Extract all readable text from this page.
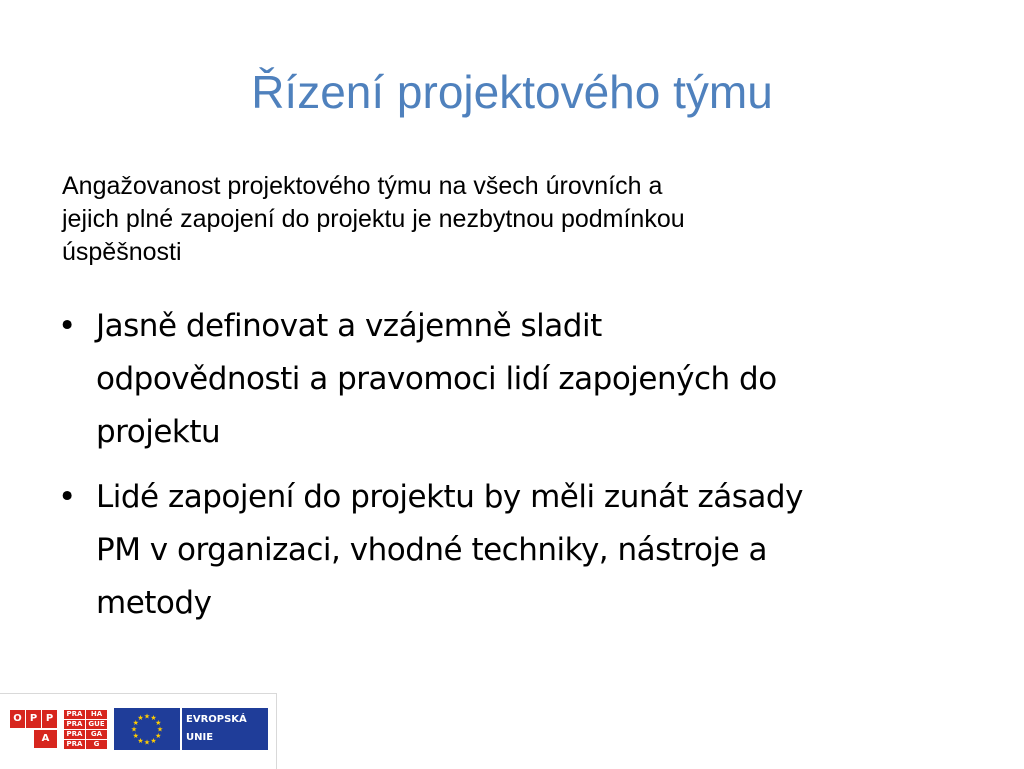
Řízení projektového týmu
Angažovanost projektového týmu na všech úrovních a
jejich plné zapojení do projektu je nezbytnou podmínkou
úspěšnosti
• Jasně definovat a vzájemně sladit
odpovědnosti a pravomoci lidí zapojených do
projektu
• Lidé zapojení do projektu by měli zunát zásady
PM v organizaci, vhodné techniky, nástroje a
metody
O P P
A
PRA	HA
PRA GUE
PRA	GA
PRA	G
★
★
★
★
★
★
★
★
★ ★ ★
★ EVROPSKÁ
UNIE
